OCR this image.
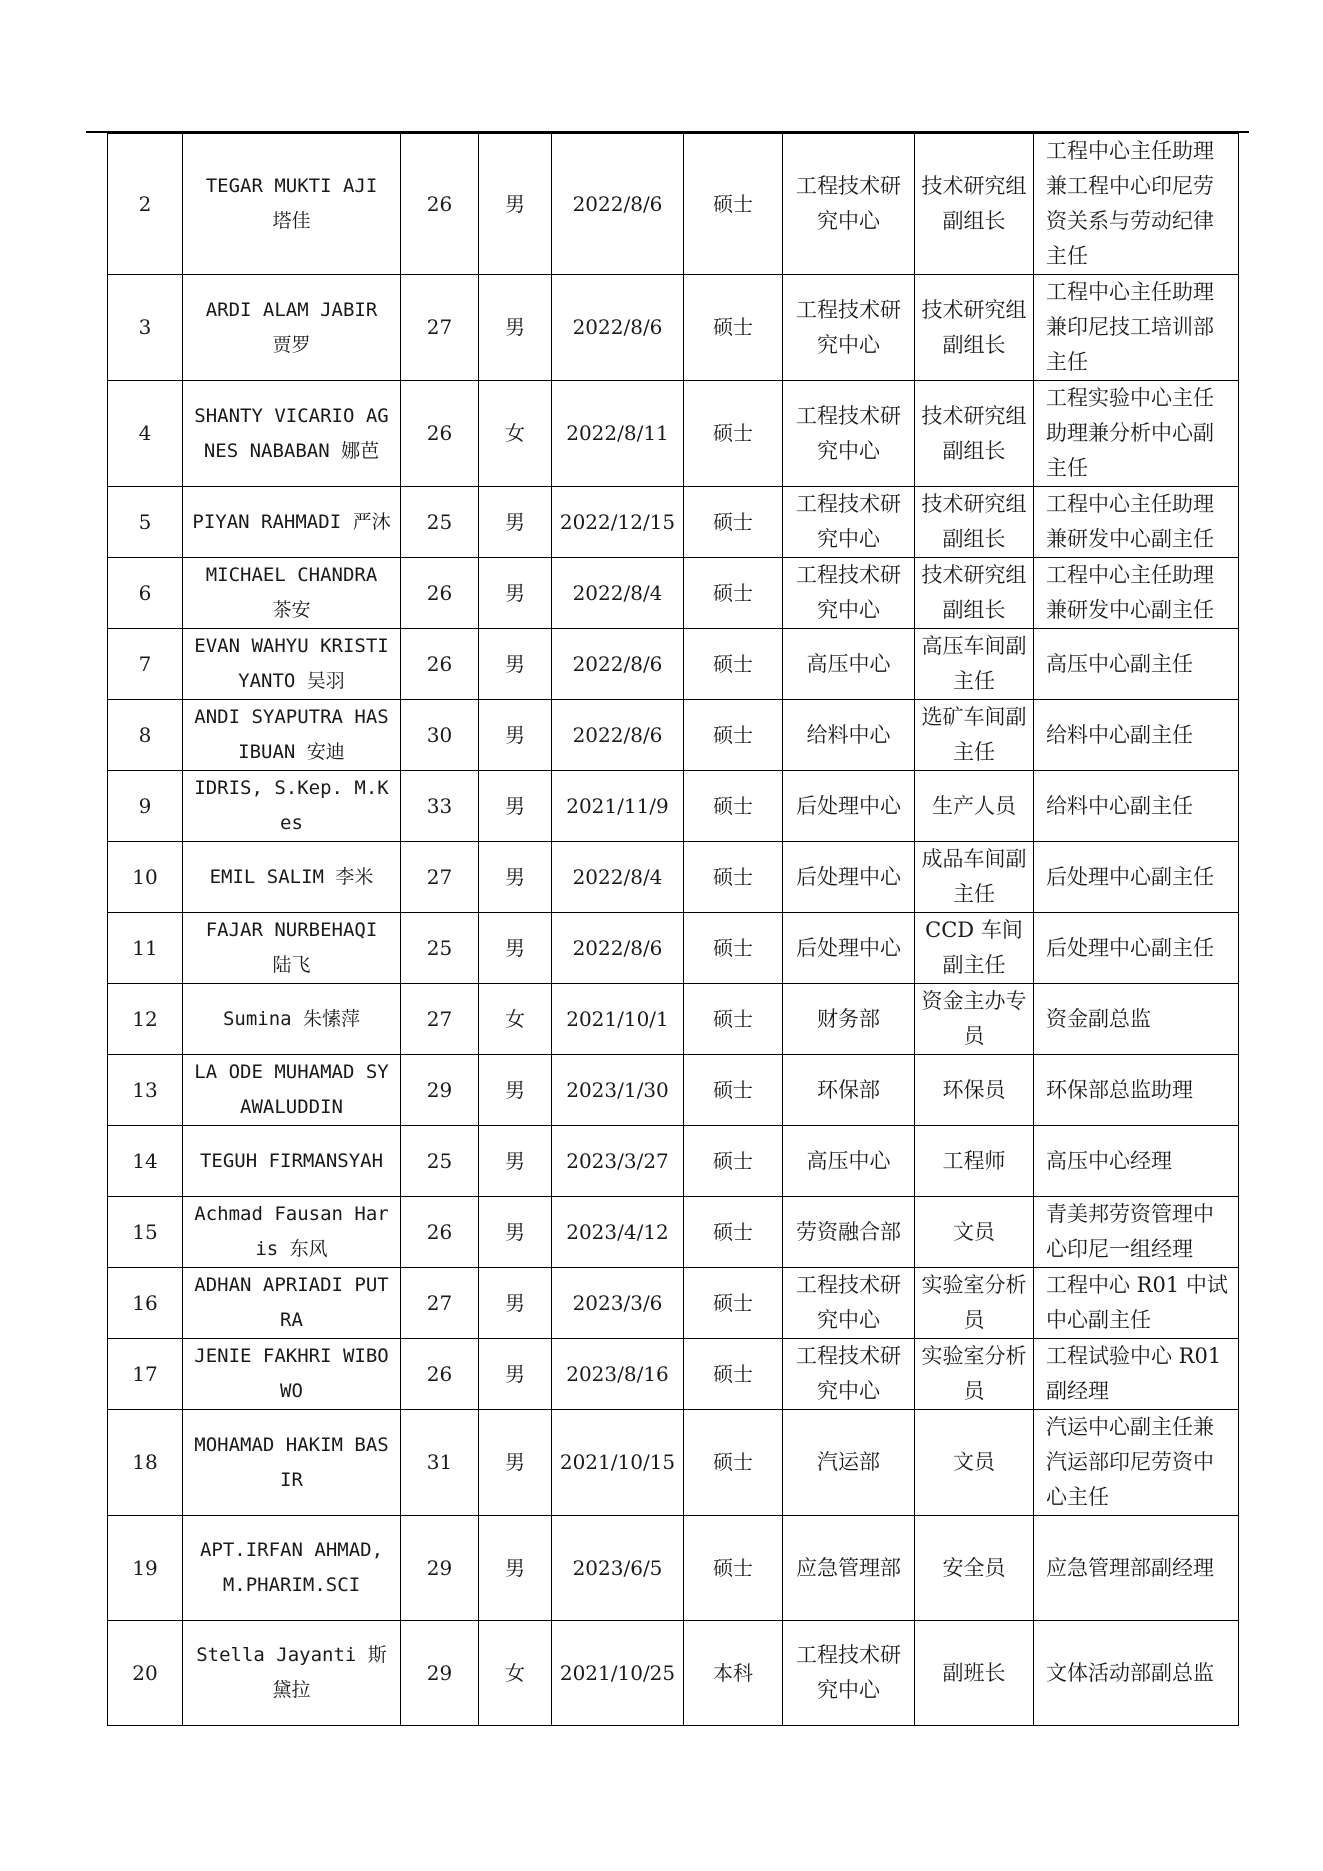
2	TEGAR MUKTI AJI 塔佳	26	男	2022/8/6	硕士	工程技术研究中心	技术研究组副组长	工程中心主任助理兼工程中心印尼劳资关系与劳动纪律主任
3	ARDI ALAM JABIR 贾罗	27	男	2022/8/6	硕士	工程技术研究中心	技术研究组副组长	工程中心主任助理兼印尼技工培训部主任
4	SHANTY VICARIO AGNES NABABAN 娜芭	26	女	2022/8/11	硕士	工程技术研究中心	技术研究组副组长	工程实验中心主任助理兼分析中心副主任
5	PIYAN RAHMADI 严沐	25	男	2022/12/15	硕士	工程技术研究中心	技术研究组副组长	工程中心主任助理兼研发中心副主任
6	MICHAEL CHANDRA 茶安	26	男	2022/8/4	硕士	工程技术研究中心	技术研究组副组长	工程中心主任助理兼研发中心副主任
7	EVAN WAHYU KRISTIYANTO 吴羽	26	男	2022/8/6	硕士	高压中心	高压车间副主任	高压中心副主任
8	ANDI SYAPUTRA HASIBUAN 安迪	30	男	2022/8/6	硕士	给料中心	选矿车间副主任	给料中心副主任
9	IDRIS, S.Kep. M.Kes	33	男	2021/11/9	硕士	后处理中心	生产人员	给料中心副主任
10	EMIL SALIM 李米	27	男	2022/8/4	硕士	后处理中心	成品车间副主任	后处理中心副主任
11	FAJAR NURBEHAQI 陆飞	25	男	2022/8/6	硕士	后处理中心	CCD 车间副主任	后处理中心副主任
12	Sumina 朱愫萍	27	女	2021/10/1	硕士	财务部	资金主办专员	资金副总监
13	LA ODE MUHAMAD SYAWALUDDIN	29	男	2023/1/30	硕士	环保部	环保员	环保部总监助理
14	TEGUH FIRMANSYAH	25	男	2023/3/27	硕士	高压中心	工程师	高压中心经理
15	Achmad Fausan Haris 东风	26	男	2023/4/12	硕士	劳资融合部	文员	青美邦劳资管理中心印尼一组经理
16	ADHAN APRIADI PUTRA	27	男	2023/3/6	硕士	工程技术研究中心	实验室分析员	工程中心 R01 中试中心副主任
17	JENIE FAKHRI WIBOWO	26	男	2023/8/16	硕士	工程技术研究中心	实验室分析员	工程试验中心 R01 副经理
18	MOHAMAD HAKIM BASIR	31	男	2021/10/15	硕士	汽运部	文员	汽运中心副主任兼汽运部印尼劳资中心主任
19	APT.IRFAN AHMAD,M.PHARIM.SCI	29	男	2023/6/5	硕士	应急管理部	安全员	应急管理部副经理
20	Stella Jayanti 斯黛拉	29	女	2021/10/25	本科	工程技术研究中心	副班长	文体活动部副总监
